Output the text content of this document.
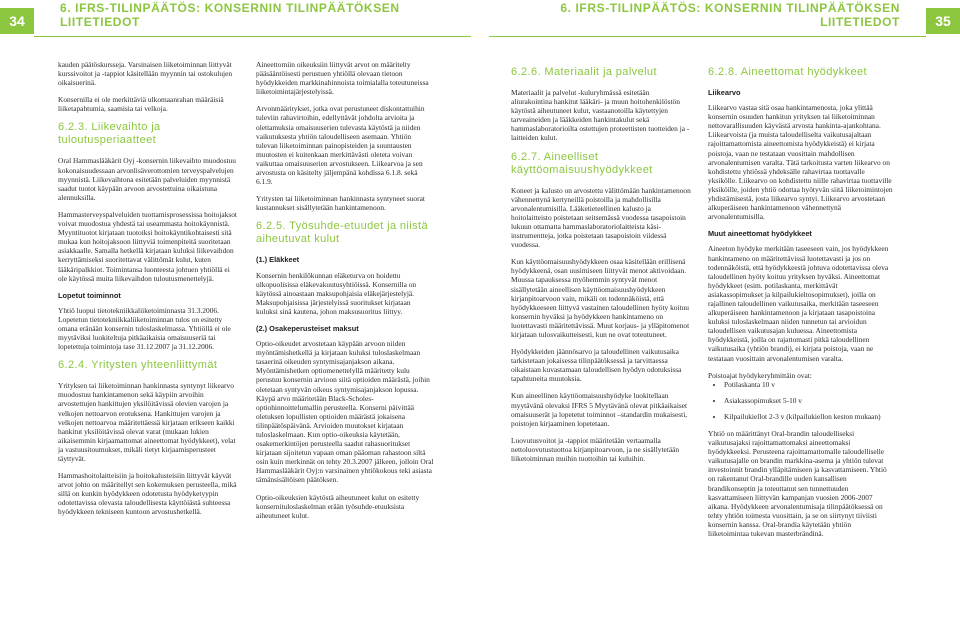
34
6. IFRS-TILINPÄÄTÖS: KONSERNIN TILINPÄÄTÖKSEN
LIITETIEDOT
6. IFRS-TILINPÄÄTÖS: KONSERNIN TILINPÄÄTÖKSEN
LIITETIEDOT	35

kauden päätöskursseja. Varsinaisen liiketoiminnan liittyvät kurssivoitot ja -tappiot käsitellään myynnin tai ostokulujen oikaisuerinä.

Konsernilla ei ole merkittäviä ulkomaanrahan määräisiä liiketapahtumia, saamisia tai velkoja.

6.2.3. Liikevaihto ja tuloutusperiaatteet

Oral Hammaslääkärit Oyj -konsernin liikevaihto muodostuu kokonaisuudessaan arvonlisäverottomien terveyspalvelujen myynnistä. Liikevaihtona esitetään palveluiden myynnistä saadut tuotot käypään arvoon arvostettuina oikaistuna alennuksilla.

Hammasterveyspalveluiden tuottamisprosessissa hoitojaksot voivat muodostua yhdestä tai useammasta hoitokäynnistä. Myyntituotot kirjataan tuotoiksi hoitokäyntikohtaisesti sitä mukaa kun hoitojaksoon liittyviä toimenpiteitä suoritetaan asiakkaalle. Samalla hetkellä kirjataan kuluksi liikevaihdon kerryttämiseksi suoritettavat välittömät kulut, kuten lääkäripalkkiot. Toimintansa luonteesta johtuen yhtiöllä ei ole käytössä muita liikevaihdon tuloutusmenettelyjä.

Lopetut toiminnot

Yhtiö luopui tietotekniikkaliiketoiminnasta 31.3.2006. Lopetetun tietotekniikkaliiketoiminnan tulos on esitetty omana eränään konsernin tuloslaskelmassa. Yhtiöllä ei ole myytäviksi luokiteltuja pitkäaikaisia omaisuuseriä tai lopetettuja toimintoja tase 31.12.2007 ja 31.12.2006.

6.2.4. Yritysten yhteenliittymät

Yrityksen tai liiketoiminnan hankinnasta syntynyt liikearvo muodostuu hankintamenon sekä käypiin arvoihin arvostettujen hankittujen yksilöitävissä olevien varojen ja velkojen nettoarvon erotuksena. Hankittujen varojen ja velkojen nettoarvoa määritettäessä kirjataan erikseen kaikki hankitut yksilöitävissä olevat varat (mukaan lukien aikaisemmin kirjaamattomat aineettomat hyödykkeet), velat ja vastuusitoumukset, mikäli tietyt kirjaamisperusteet täyttyvät.

Hammashoitolaitteisiin ja hoitokalusteisiin liittyvät käyvät arvot johto on määritellyt sen kokemuksen perusteella, mikä sillä on kunkin hyödykkeen odotetusta hyödyketyypin odotettavissa olevasta taloudellisesta käyttöiästä suhteessa hyödykkeen tekniseen kuntoon arvostushetkellä.

Aineettomiin oikeuksiin liittyvät arvot on määritelty pääsääntöisesti perustuen yhtiöllä olevaan tietoon hyödykkeiden markkinahinnoista toimialalla toteutuneissa liiketoimintajärjestelyissä.

Arvonmääritykset, jotka ovat perustuneet diskontattuihin tuleviin rahavirtoihin, edellyttävät johdolta arvioita ja olettamuksia omaisuuserien tulevasta käytöstä ja niiden vaikutuksesta yhtiön taloudelliseen asemaan. Yhtiön tulevan liiketoiminnan painopisteiden ja suuntausten muutosten ei kuitenkaan merkittävästi oleteta voivan vaikuttaa omaisuuserien arvostukseen. Liikearvoa ja sen arvostusta on käsitelty jäljempänä kohdissa 6.1.8. sekä 6.1.9.

Yritysten tai liiketoiminnan hankinnasta syntyneet suorat kustannukset sisällytetään hankintamenoon.

6.2.5. Työsuhde-etuudet ja niistä aiheutuvat kulut
(1.) Eläkkeet

Konsernin henkilökunnan eläketurva on hoidettu ulkopuolisissa eläkevakuutusyhtiöissä. Konsernilla on käytössä ainoastaan maksupohjaisia eläkejärjestelyjä. Maksupohjaisissa järjestelyissä suoritukset kirjataan kuluksi sinä kautena, johon maksusuoritus liittyy.

(2.) Osakeperusteiset maksut

Optio-oikeudet arvostetaan käypään arvoon niiden myöntämishetkellä ja kirjataan kuluksi tuloslaskelmaan tasaerinä oikeuden syntymisajanjakson aikana. Myöntämishetken optiomenettelyllä määritetty kulu perustuu konsernin arvioon siitä optioiden määrästä, joihin oletetaan syntyvän oikeus syntymisajanjakson lopussa. Käypä arvo määritetään Black-Scholes-optiohinnoittelumallin perusteella. Konserni päivittää oletuksen lopullisten optioiden määrästä jokaisena tilinpäätöspäivänä. Arvioiden muutokset kirjataan tuloslaskelmaan. Kun optio-oikeuksia käytetään, osakemerkintöjen perusteella saadut rahasuoritukset kirjataan sijoitetun vapaan oman pääoman rahastoon siltä osin kuin merkinnät on tehty 20.3.2007 jälkeen, jolloin Oral Hammaslääkärit Oyj:n varsinainen yhtiökokous teki asiasta tämänsisältöisen päätöksen.

Optio-oikeuksien käytöstä aiheutuneet kulut on esitetty konsernituloslaskelman erään työsuhde-etuuksista aiheutuneet kulut.

6.2.6. Materiaalit ja palvelut

Materiaalit ja palvelut -kuluryhmässä esitetään aliurakointina hankitut lääkäri- ja muun hoitohenkilöstön käytöstä aiheutuneet kulut, vastaanotoilla käytettyjen tarveaineiden ja lääkkeiden hankintakulut sekä hammaslaboratorioilta ostettujen proteettisten tuotteiden ja -laitteiden kulut.

6.2.7. Aineelliset käyttöomaisuushyödykkeet

Koneet ja kalusto on arvostettu välittömään hankintamenoon vähennettynä kertyneillä poistoilla ja mahdollisilla arvonalentumisilla. Lääketieteellinen kalusto ja hoitolaitteisto poistetaan seitsemässä vuodessa tasapoistoin lukuun ottamatta hammaslaboratoriolaitteista käsi-instrumentteja, jotka poistetaan tasapoistoin viidessä vuodessa.

Kun käyttöomaisuushyödykkeen osaa käsitellään erillisenä hyödykkeenä, osan uusimiseen liittyvät menot aktivoidaan. Muussa tapauksessa myöhemmin syntyvät menot sisällytetään aineellisen käyttöomaisuushyödykkeen kirjanpitoarvoon vain, mikäli on todennäköistä, että hyödykkeeseen liittyvä vastainen taloudellinen hyöty koituu konsernin hyväksi ja hyödykkeen hankintameno on luotettavasti määritettävissä. Muut korjaus- ja ylläpitomenot kirjataan tulosvaikutteisesti, kun ne ovat toteutuneet.

Hyödykkeiden jäännösarvo ja taloudellinen vaikutusaika tarkistetaan jokaisessa tilinpäätöksessä ja tarvittaessa oikaistaan kuvastamaan taloudellisen hyödyn odotuksissa tapahtuneita muutoksia.

Kun aineellinen käyttöomaisuushyödyke luokitellaan myytävänä olevaksi IFRS 5 Myytävänä olevat pitkäaikaiset omaisuuserät ja lopetetut toiminnot –standardin mukaisesti, poistojen kirjaaminen lopetetaan.

Luovutusvoitot ja -tappiot määritetään vertaamalla nettoluovutustuottoa kirjanpitoarvoon, ja ne sisällytetään liiketoiminnan muihin tuottoihin tai kuluihin.

6.2.8. Aineettomat hyödykkeet
Liikearvo

Liikearvo vastaa sitä osaa hankintamenosta, joka ylittää konsernin osuuden hankitun yrityksen tai liiketoiminnan nettovarallisuuden käyvästä arvosta hankinta-ajankohtana. Liikearvoista (ja muista taloudelliselta vaikutusajaltaan rajoittamattomista aineettomista hyödykkeistä) ei kirjata poistoja, vaan ne testataan vuosittain mahdollisen arvonalentumisen varalta. Tätä tarkoitusta varten liikearvo on kohdistettu yhtiössä yhdeksälle rahavirtaa tuottavalle yksikölle. Liikearvo on kohdistettu niille rahavirtaa tuottaville yksiköille, joiden yhtiö odottaa hyötyvän siitä liiketoimintojen yhdistämisestä, josta liikearvo syntyi. Liikearvo arvostetaan alkuperäiseen hankintamenoon vähennettynä arvonalentumisilla.

Muut aineettomat hyödykkeet

Aineeton hyödyke merkitään taseeseen vain, jos hyödykkeen hankintameno on määritettävissä luotettavasti ja jos on todennäköistä, että hyödykkeestä johtuva odotettavissa oleva taloudellinen hyöty koituu yrityksen hyväksi. Aineettomat hyödykkeet (esim. potilaskanta, merkittävät asiakassopimukset ja kilpailukieltosopimukset), joilla on rajallinen taloudellinen vaikutusaika, merkitään taseeseen alkuperäiseen hankintamenoon ja kirjataan tasapoistoina kuluksi tuloslaskelmaan niiden tunnetun tai arvioidun taloudellisen vaikutusajan kuluessa. Aineettomista hyödykkeistä, joilla on rajattomasti pitkä taloudellinen vaikutusaika (yhtiön brandi), ei kirjata poistoja, vaan ne testataan vuosittain arvonalentumisen varalta.

Poistoajat hyödykeryhmittäin ovat:

• Potilaskanta 10 v
• Asiakassopimukset 5-10 v
• Kilpailukiellot 2-3 v (kilpailukiellon keston mukaan)

Yhtiö on määrittänyt Oral-brandin taloudelliseksi vaikutusajaksi rajoittamattomaksi aineettomaksi hyödykkeeksi. Perusteena rajoittamattomalle taloudelliselle vaikutusajalle on brandin markkina-asema ja yhtiön tulevat investoinnit brandin ylläpitämiseen ja kasvattamiseen. Yhtiö on rakentanut Oral-brandille uuden kansallisen brandikonseptin ja toteuttanut sen tunnettuuden kasvattamiseen liittyvän kampanjan vuosien 2006-2007 aikana. Hyödykkeen arvonalentumisaja tilinpäätöksessä on tehty yhtiön toimesta vuosittain, ja se on siirtynyt tiiviisti konsernin kanssa. Oral-brandia käytetään yhtiön liiketoimintaa tukevan masterbrändinä.
